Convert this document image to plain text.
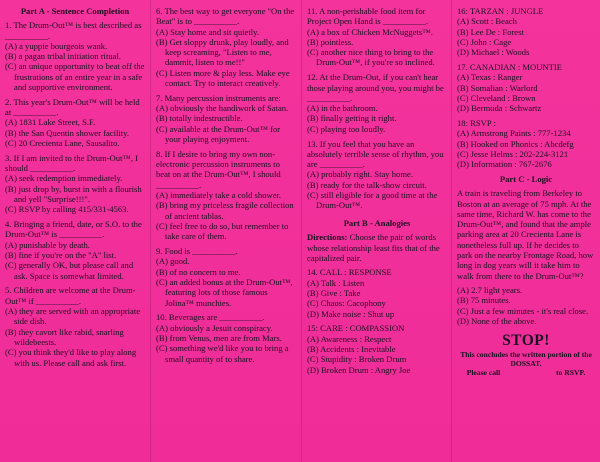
Part A - Sentence Completion
1. The Drum-Out™ is best described as __________.
(A) a yuppie bourgeois wank.
(B) a pagan tribal initiation ritual.
(C) an unique opportunity to beat off the frustrations of an entire year in a safe and supportive environment.
2. This year's Drum-Out™ will be held at __________.
(A) 1831 Lake Street, S.F.
(B) the San Quentin shower facility.
(C) 20 Crecienta Lane, Sausalito.
3. If I am invited to the Drum-Out™, I should __________.
(A) seek redemption immediately.
(B) just drop by, burst in with a flourish and yell "Surprise!!!".
(C) RSVP by calling 415/331-4563.
4. Bringing a friend, date, or S.O. to the Drum-Out™ is __________.
(A) punishable by death.
(B) fine if you're on the "A" list.
(C) generally OK, but please call and ask. Space is somewhat limited.
5. Children are welcome at the Drum-Out™ if __________.
(A) they are served with an appropriate side dish.
(B) they cavort like rabid, snarling wildebeests.
(C) you think they'd like to play along with us. Please call and ask first.
6. The best way to get everyone "On the Beat" is to __________.
(A) Stay home and sit quietly.
(B) Get sloppy drunk, play loudly, and keep screaming, "Listen to me, dammit, listen to me!!"
(C) Listen more & play less. Make eye contact. Try to interact creatively.
7. Many percussion instruments are:
(A) obviously the handiwork of Satan.
(B) totally indestructible.
(C) available at the Drum-Out™ for your playing enjoyment.
8. If I desire to bring my own non-electronic percussion instruments to beat on at the Drum-Out™, I should __________.
(A) immediately take a cold shower.
(B) bring my priceless fragile collection of ancient tablas.
(C) feel free to do so, but remember to take care of them.
9. Food is __________.
(A) good.
(B) of no concern to me.
(C) an added bonus at the Drum-Out™, featuring lots of those famous Jolina™ munchies.
10. Beverages are __________.
(A) obviously a Jesuit conspiracy.
(B) from Venus, men are from Mars.
(C) something we'd like you to bring a small quantity of to share.
11. A non-perishable food item for Project Open Hand is __________.
(A) a box of Chicken McNuggets™.
(B) pointless.
(C) another nice thing to bring to the Drum-Out™, if you're so inclined.
12. At the Drum-Out, if you can't hear those playing around you, you might be __________.
(A) in the bathroom.
(B) finally getting it right.
(C) playing too loudly.
13. If you feel that you have an absolutely terrible sense of rhythm, you are __________.
(A) probably right. Stay home.
(B) ready for the talk-show circuit.
(C) still eligible for a good time at the Drum-Out™.
Part B - Analogies
Directions: Choose the pair of words whose relationship least fits that of the capitalized pair.
14. CALL : RESPONSE
(A) Talk : Listen
(B) Give : Take
(C) Chaos: Cacophony
(D) Make noise : Shut up
15: CARE : COMPASSION
(A) Awareness : Respect
(B) Accidents : Inevitable
(C) Stupidity : Broken Drum
(D) Broken Drum : Angry Joe
16: TARZAN : JUNGLE
(A) Scott : Beach
(B) Lee De : Forest
(C) John : Cage
(D) Michael : Woods
17. CANADIAN : MOUNTIE
(A) Texas : Ranger
(B) Somalian : Warlord
(C) Cleveland : Brown
(D) Bermuda : Schwartz
18: RSVP :
(A) Armstrong Paints : 777-1234
(B) Hooked on Phonics : Abcdefg
(C) Jesse Helms : 202-224-3121
(D) Information : 767-2676
Part C - Logic
A train is traveling from Berkeley to Boston at an average of 75 mph. At the same time, Richard W. has come to the Drum-Out™, and found that the ample parking area at 20 Crecienta Lane is nonetheless full up. If he decides to park on the nearby Frontage Road, how long in dog years will it take him to walk from there to the Drum-Out™?
(A) 2.7 light years.
(B) 75 minutes.
(C) Just a few minutes - it's real close.
(D) None of the above.
STOP!
This concludes the written portion of the DOSSAT.
Please call	to RSVP.
